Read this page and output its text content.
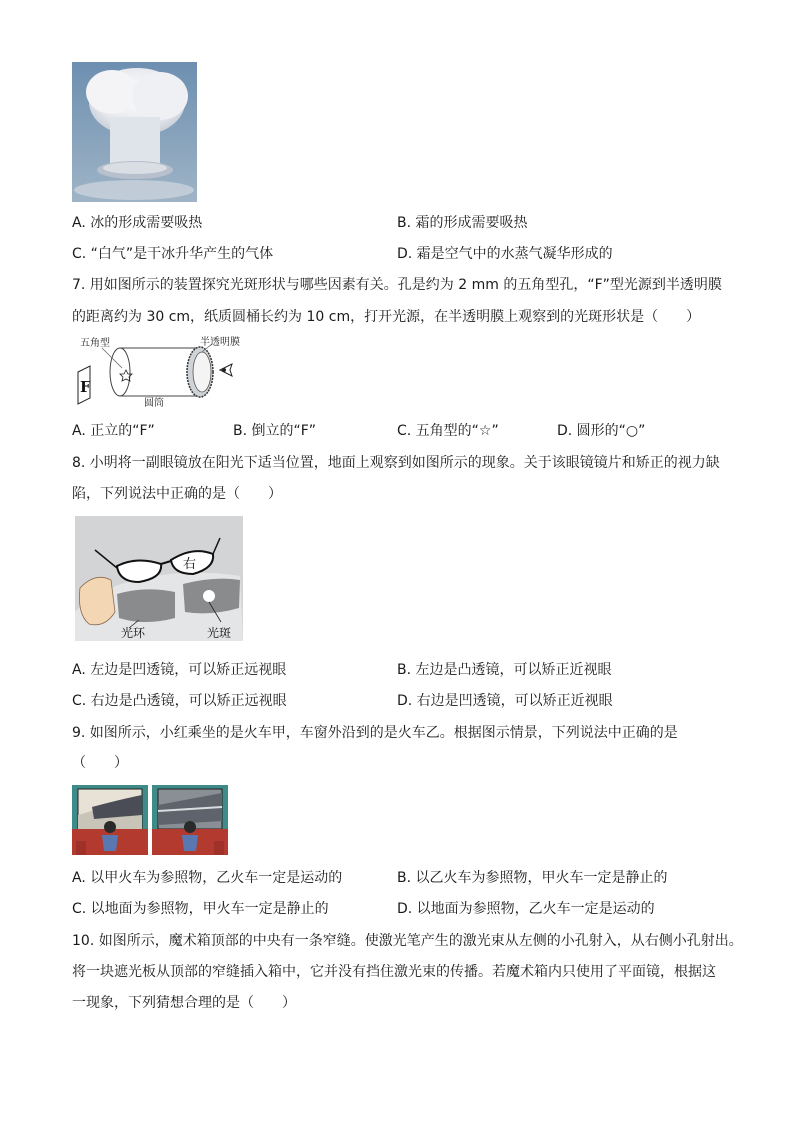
A. 冰的形成需要吸热	B. 霜的形成需要吸热
C. “白气”是干冰升华产生的气体	D. 霜是空气中的水蒸气凝华形成的
7. 用如图所示的装置探究光斑形状与哪些因素有关。孔是约为 2 mm 的五角型孔，“F”型光源到半透明膜
的距离约为 30 cm，纸质圆桶长约为 10 cm，打开光源，在半透明膜上观察到的光斑形状是（　　）
F
五角型	半透明膜
圆筒
A. 正立的“F”	B. 倒立的“F”	C. 五角型的“☆”	D. 圆形的“○”
8. 小明将一副眼镜放在阳光下适当位置，地面上观察到如图所示的现象。关于该眼镜镜片和矫正的视力缺
陷，下列说法中正确的是（　　）
右
光环	光斑
A. 左边是凹透镜，可以矫正远视眼	B. 左边是凸透镜，可以矫正近视眼
C. 右边是凸透镜，可以矫正远视眼	D. 右边是凹透镜，可以矫正近视眼
9. 如图所示，小红乘坐的是火车甲，车窗外沿到的是火车乙。根据图示情景，下列说法中正确的是
（　　）
A. 以甲火车为参照物，乙火车一定是运动的	B. 以乙火车为参照物，甲火车一定是静止的
C. 以地面为参照物，甲火车一定是静止的	D. 以地面为参照物，乙火车一定是运动的
10. 如图所示，魔术箱顶部的中央有一条窄缝。使激光笔产生的激光束从左侧的小孔射入，从右侧小孔射出。
将一块遮光板从顶部的窄缝插入箱中，它并没有挡住激光束的传播。若魔术箱内只使用了平面镜，根据这
一现象，下列猜想合理的是（　　）
